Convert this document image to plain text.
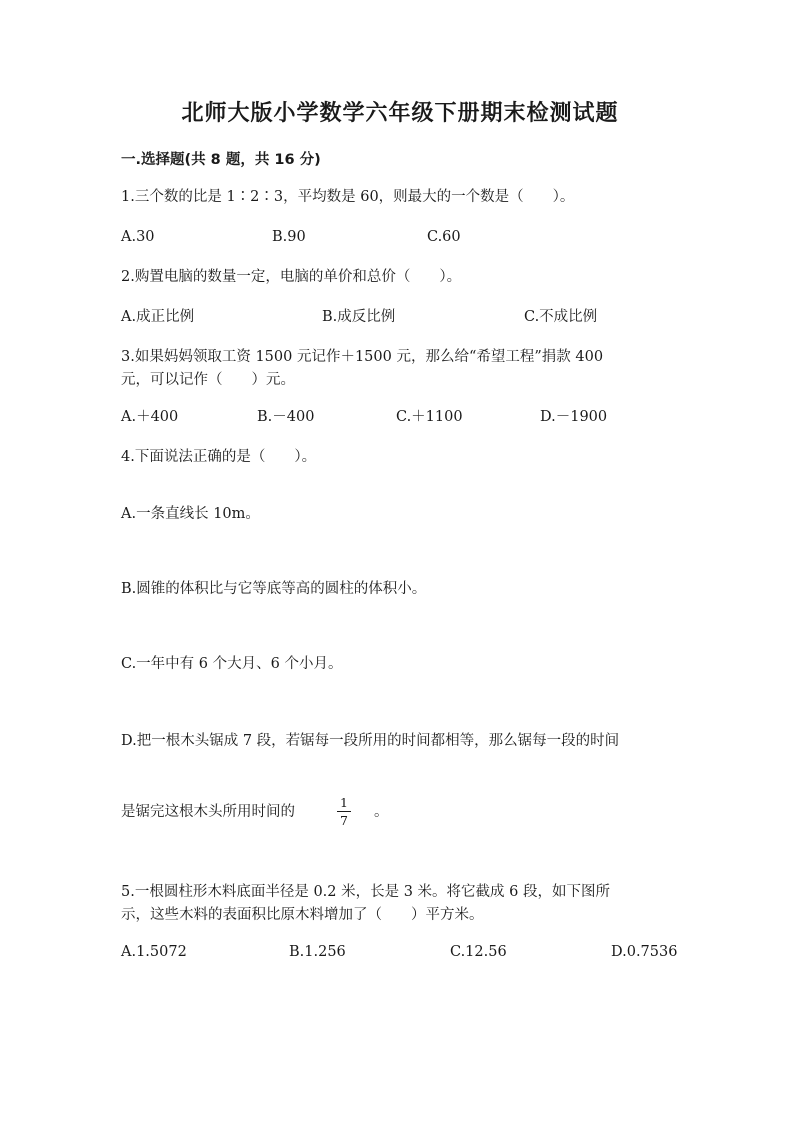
北师大版小学数学六年级下册期末检测试题
一.选择题(共 8 题，共 16 分)
1.三个数的比是 1∶2∶3，平均数是 60，则最大的一个数是（　　）。
A.30	B.90	C.60
2.购置电脑的数量一定，电脑的单价和总价（　　）。
A.成正比例	B.成反比例	C.不成比例
3.如果妈妈领取工资 1500 元记作＋1500 元，那么给“希望工程”捐款 400
元，可以记作（　　）元。
A.＋400	B.－400	C.＋1100	D.－1900
4.下面说法正确的是（　　）。
A.一条直线长 10m。
B.圆锥的体积比与它等底等高的圆柱的体积小。
C.一年中有 6 个大月、6 个小月。
D.把一根木头锯成 7 段，若锯每一段所用的时间都相等，那么锯每一段的时间
是锯完这根木头所用时间的
1
7
。
5.一根圆柱形木料底面半径是 0.2 米，长是 3 米。将它截成 6 段，如下图所
示，这些木料的表面积比原木料增加了（　　）平方米。
A.1.5072	B.1.256	C.12.56	D.0.7536
